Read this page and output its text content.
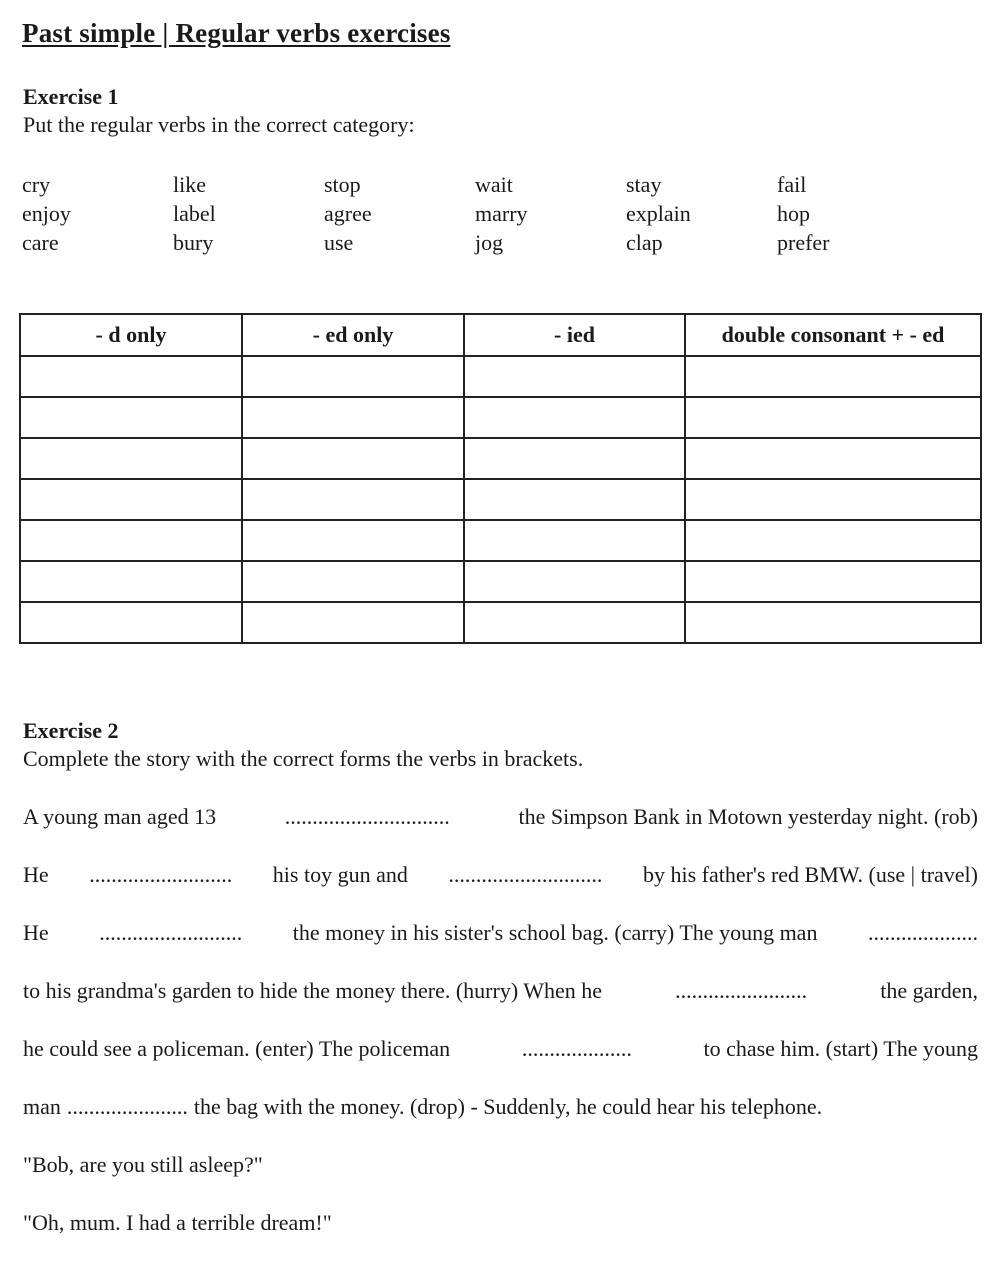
Past simple | Regular verbs exercises
Exercise 1
Put the regular verbs in the correct category:
cry	like	stop	wait	stay	fail
enjoy	label	agree	marry	explain	hop
care	bury	use	jog	clap	prefer
- d only	- ed only	- ied	double consonant + - ed

Exercise 2
Complete the story with the correct forms the verbs in brackets.
A young man aged 13	..............................	the Simpson Bank in Motown yesterday night. (rob)
He .......................... his toy gun and ............................ by his father's red BMW. (use | travel)
He .......................... the money in his sister's school bag. (carry) The young man ....................
to his grandma's garden to hide the money there. (hurry) When he	........................	the garden,
he could see a policeman. (enter) The policeman	....................	to chase him. (start) The young
man ...................... the bag with the money. (drop) - Suddenly, he could hear his telephone.
"Bob, are you still asleep?"
"Oh, mum. I had a terrible dream!"
